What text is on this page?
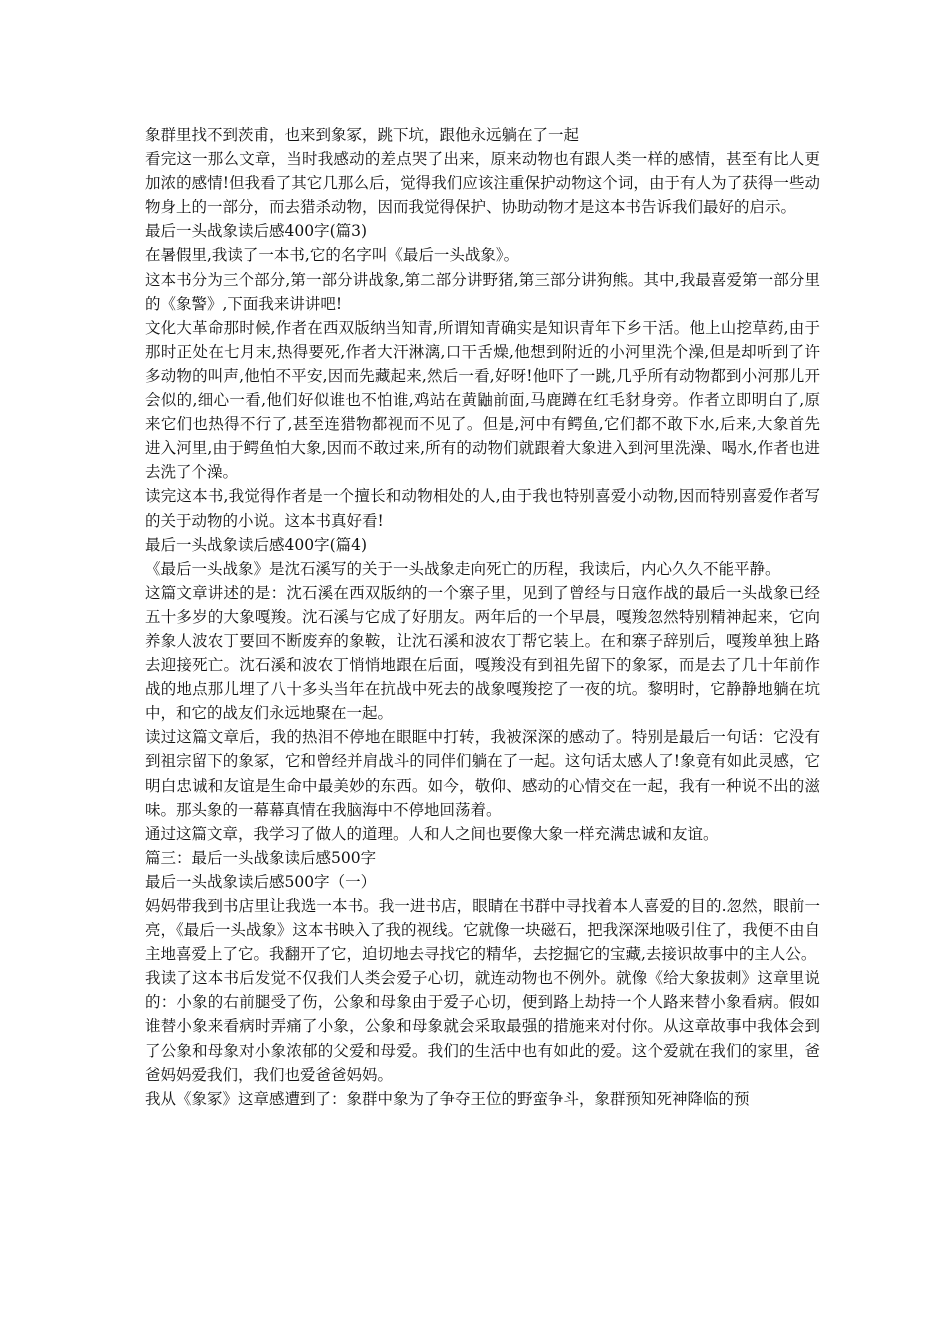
象群里找不到茨甫，也来到象冢，跳下坑，跟他永远躺在了一起

看完这一那么文章，当时我感动的差点哭了出来，原来动物也有跟人类一样的感情，甚至有比人更加浓的感情!但我看了其它几那么后，觉得我们应该注重保护动物这个词，由于有人为了获得一些动物身上的一部分，而去猎杀动物，因而我觉得保护、协助动物才是这本书告诉我们最好的启示。

最后一头战象读后感400字(篇3)

在暑假里,我读了一本书,它的名字叫《最后一头战象》。

这本书分为三个部分,第一部分讲战象,第二部分讲野猪,第三部分讲狗熊。其中,我最喜爱第一部分里的《象警》,下面我来讲讲吧!

文化大革命那时候,作者在西双版纳当知青,所谓知青确实是知识青年下乡干活。他上山挖草药,由于那时正处在七月末,热得要死,作者大汗淋漓,口干舌燥,他想到附近的小河里洗个澡,但是却听到了许多动物的叫声,他怕不平安,因而先藏起来,然后一看,好呀!他吓了一跳,几乎所有动物都到小河那儿开会似的,细心一看,他们好似谁也不怕谁,鸡站在黄鼬前面,马鹿蹲在红毛豺身旁。作者立即明白了,原来它们也热得不行了,甚至连猎物都视而不见了。但是,河中有鳄鱼,它们都不敢下水,后来,大象首先进入河里,由于鳄鱼怕大象,因而不敢过来,所有的动物们就跟着大象进入到河里洗澡、喝水,作者也进去洗了个澡。

读完这本书,我觉得作者是一个擅长和动物相处的人,由于我也特别喜爱小动物,因而特别喜爱作者写的关于动物的小说。这本书真好看!

最后一头战象读后感400字(篇4)

《最后一头战象》是沈石溪写的关于一头战象走向死亡的历程，我读后，内心久久不能平静。

这篇文章讲述的是：沈石溪在西双版纳的一个寨子里，见到了曾经与日寇作战的最后一头战象已经五十多岁的大象嘎羧。沈石溪与它成了好朋友。两年后的一个早晨，嘎羧忽然特别精神起来，它向养象人波农丁要回不断废弃的象鞍，让沈石溪和波农丁帮它装上。在和寨子辞别后，嘎羧单独上路去迎接死亡。沈石溪和波农丁悄悄地跟在后面，嘎羧没有到祖先留下的象冢，而是去了几十年前作战的地点那儿埋了八十多头当年在抗战中死去的战象嘎羧挖了一夜的坑。黎明时，它静静地躺在坑中，和它的战友们永远地聚在一起。

读过这篇文章后，我的热泪不停地在眼眶中打转，我被深深的感动了。特别是最后一句话：它没有到祖宗留下的象冢，它和曾经并肩战斗的同伴们躺在了一起。这句话太感人了!象竟有如此灵感，它明白忠诚和友谊是生命中最美妙的东西。如今，敬仰、感动的心情交在一起，我有一种说不出的滋味。那头象的一幕幕真情在我脑海中不停地回荡着。

通过这篇文章，我学习了做人的道理。人和人之间也要像大象一样充满忠诚和友谊。

篇三：最后一头战象读后感500字

最后一头战象读后感500字（一）

妈妈带我到书店里让我选一本书。我一进书店，眼睛在书群中寻找着本人喜爱的目的.忽然，眼前一亮，《最后一头战象》这本书映入了我的视线。它就像一块磁石，把我深深地吸引住了，我便不由自主地喜爱上了它。我翻开了它，迫切地去寻找它的精华，去挖掘它的宝藏,去接识故事中的主人公。

我读了这本书后发觉不仅我们人类会爱子心切，就连动物也不例外。就像《给大象拔刺》这章里说的：小象的右前腿受了伤，公象和母象由于爱子心切，便到路上劫持一个人路来替小象看病。假如谁替小象来看病时弄痛了小象，公象和母象就会采取最强的措施来对付你。从这章故事中我体会到了公象和母象对小象浓郁的父爱和母爱。我们的生活中也有如此的爱。这个爱就在我们的家里，爸爸妈妈爱我们，我们也爱爸爸妈妈。

我从《象冢》这章感遭到了：象群中象为了争夺王位的野蛮争斗，象群预知死神降临的预
